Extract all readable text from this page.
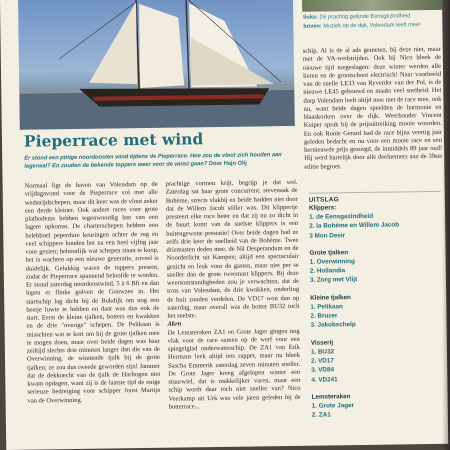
links: De prachtig gelijnde Eensgezindheid
boven: Muziek op de dijk, Volendam leeft mee!
Pieperrace met wind
Er stond een pittige noordoosten wind tijdens de Pieperrace. Hoe zou de vloot zich houden aan lagerwal? En zouden de bekende toppers weer voor de winst gaan? Door Hajo Olij

Normaal ligt de haven van Volendam op de vrijdagavond voor de Pieperrace vol met alle wedstrijdschepen, maar dit keer was de vloot zeker een derde kleiner. Ook andere races voor grote platbodems hebben tegenwoordig last van een lagere opkomst. De charterschepen hebben een helebboel peperdure keuringen achter de rug en veel schippers houden het na een heel vijftig jaar voor gezien; behoorlijk wat schepen staan te koop, het is wachten op een nieuwe generatie, zoveel is duidelijk. Gelukkig waren de toppers present, zodat de Pieperrace spannend beloofde te worden. Er stond zaterdag noordoostwind, 5 à 6 Bft en dan lopen er flinke golven de Gouwzee in. Het startschip lag dicht bij de Bukdijk om nog een beetje luwte te hebben en daar was dus ook de start. Eerst de kleine tjalken, botters en kwakken en de drie "overige" schepen. De Pelikaan is misschien wat te kort om bij de grote tjalken mee te mogen doen, maar over beide dagen was haar zeiltijd slechts drie minuten langer dan die van de Overwinning, de winnende tjalk bij de grote tjalken; ze zou dus tweede geworden zijn! Jammer dat de dekknecht van de tjalk de Harlingen niet kwam opdagen, want zij is de laatste tijd de enige serieuze bedreiging voor schipper Joost Martijn van de Overwinning.

prachtige vormen krijt, begrijp je dat wel. Zaterdag sat haar grote concurrent, stevenaak de Bohème, strects vlakbij en beide hadden niet door dat de Willem Jacob stiller was. Dit klippertje presteert elke race beter en dat zij nu zo dicht in de buurt komt van de snelste klippers is een buitengewone prestatie! Over beide dagen had ze zelfs drie keer de snelheid van de Bohème. Twee driemasten deden mee, de Nil Desperandum en de Noorderlicht uit Kampen; altijd een spectaculair gezicht en leuk voor de gasten, maar niet per se sneller dan de grote tweemast klippers. Bij deze weersomstandigheden zou je verwachten, dat de trots van Volendam, de drie kwakken, onderling de buit zouden verdelen. De VD17 won dan op zaterdag, maar overall was de botter BU32 toch het snelste.

Akrn

De Lemsteraken ZA1 en Grote Jager gingen nog vlak voor de race samen op de werf voor een spiegelglad onderwaterschip. De ZA1 van Erik Hermans leek altijd iets rapper, maar nu bleek Sascha Emmerik zaterdag zeven minuten sneller. De Grote Jager kreeg afgelopen winter een stuurwiel, dat is makkelijker varen, maar een schip wordt daar toch niet sneller van? Nico Veerkamp uit Urk was vele jaren geleden bij de botterrace...

schip. Al is de al ads gemeten, bij deze niet, maar met de VA-wedstrijden. Ook bij Nico bleek de nieuwe tijd toegeslagen: deze winter werden alle lieren en de grootschoot electrisch! Naar voorbeeld van de snelle LE33 van Ryverder van der Pol, is de nieuwe LE45 gebouwd en maakt veel snelheid. Het dorp Volendam leeft altijd mee met de race mee, ook nu, want beide dagen speelden de harmonie en blaaskorken over de dijk. Weerhouder Vincent Kuiper sprak bij de prijsuitreiking mooie woorden. En ook Rooie Gerard had de race bijna veertig jaar geleden bedacht en nu voor een mooie race en een hernieuwde prijs gezorgd, de inmiddels 89 jaar oud! Hij werd hartelijk door alle deelnemers aan de 39ste editie begroet.

UITSLAG
Klippers:
1. de Eensgezindheid
2. la Bohème en Willem Jacob
3 Mon Desir
Grote tjalken
1. Overwinning
2. Hollandia
3. Zorg met Vlijt
Kleine tjalken
1. Pelikaan
2. Bruzer
3. Jakobschelp
Visserij
1. BU32
2. VD17
3. VD84
4. VD241
Lemsteraken
1. Grote Jager
2. ZA1
